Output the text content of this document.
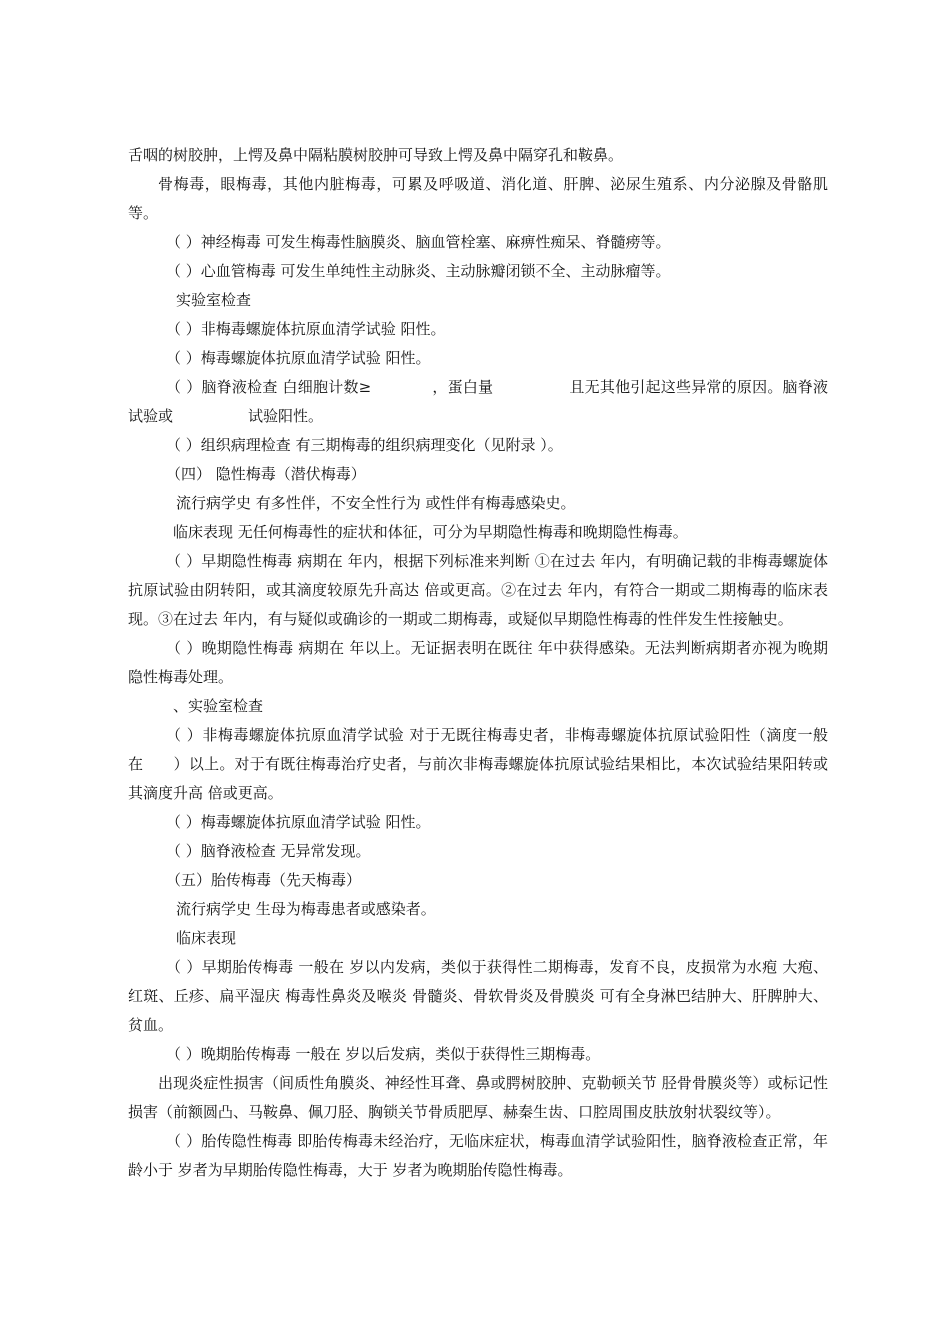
舌咽的树胶肿，上愕及鼻中隔粘膜树胶肿可导致上愕及鼻中隔穿孔和鞍鼻。

骨梅毒，眼梅毒，其他内脏梅毒，可累及呼吸道、消化道、肝脾、泌尿生殖系、内分泌腺及骨骼肌等。

（ ）神经梅毒 可发生梅毒性脑膜炎、脑血管栓塞、麻痹性痴呆、脊髓痨等。

（ ）心血管梅毒 可发生单纯性主动脉炎、主动脉瓣闭锁不全、主动脉瘤等。

实验室检查

（ ）非梅毒螺旋体抗原血清学试验 阳性。

（ ）梅毒螺旋体抗原血清学试验 阳性。

（ ）脑脊液检查 白细胞计数≥　　　　，蛋白量　　　　　且无其他引起这些异常的原因。脑脊液　　　试验或　　　　　试验阳性。

（ ）组织病理检查 有三期梅毒的组织病理变化（见附录 ）。

（四） 隐性梅毒（潜伏梅毒）

流行病学史 有多性伴，不安全性行为 或性伴有梅毒感染史。

临床表现 无任何梅毒性的症状和体征，可分为早期隐性梅毒和晚期隐性梅毒。

（ ）早期隐性梅毒 病期在 年内，根据下列标准来判断 ①在过去 年内，有明确记载的非梅毒螺旋体抗原试验由阴转阳，或其滴度较原先升高达 倍或更高。②在过去 年内，有符合一期或二期梅毒的临床表现。③在过去 年内，有与疑似或确诊的一期或二期梅毒，或疑似早期隐性梅毒的性伴发生性接触史。

（ ）晚期隐性梅毒 病期在 年以上。无证据表明在既往 年中获得感染。无法判断病期者亦视为晚期隐性梅毒处理。

、实验室检查

（ ）非梅毒螺旋体抗原血清学试验 对于无既往梅毒史者，非梅毒螺旋体抗原试验阳性（滴度一般在　　）以上。对于有既往梅毒治疗史者，与前次非梅毒螺旋体抗原试验结果相比，本次试验结果阳转或其滴度升高 倍或更高。

（ ）梅毒螺旋体抗原血清学试验 阳性。

（ ）脑脊液检查 无异常发现。

（五）胎传梅毒（先天梅毒）

流行病学史 生母为梅毒患者或感染者。

临床表现

（ ）早期胎传梅毒 一般在 岁以内发病，类似于获得性二期梅毒，发育不良，皮损常为水疱 大疱、红斑、丘疹、扁平湿庆 梅毒性鼻炎及喉炎 骨髓炎、骨软骨炎及骨膜炎 可有全身淋巴结肿大、肝脾肿大、贫血。

（ ）晚期胎传梅毒 一般在 岁以后发病，类似于获得性三期梅毒。

出现炎症性损害（间质性角膜炎、神经性耳聋、鼻或腭树胶肿、克勒顿关节 胫骨骨膜炎等）或标记性损害（前额圆凸、马鞍鼻、佩刀胫、胸锁关节骨质肥厚、赫秦生齿、口腔周围皮肤放射状裂纹等）。

（ ）胎传隐性梅毒 即胎传梅毒未经治疗，无临床症状，梅毒血清学试验阳性，脑脊液检查正常，年龄小于 岁者为早期胎传隐性梅毒，大于 岁者为晚期胎传隐性梅毒。
